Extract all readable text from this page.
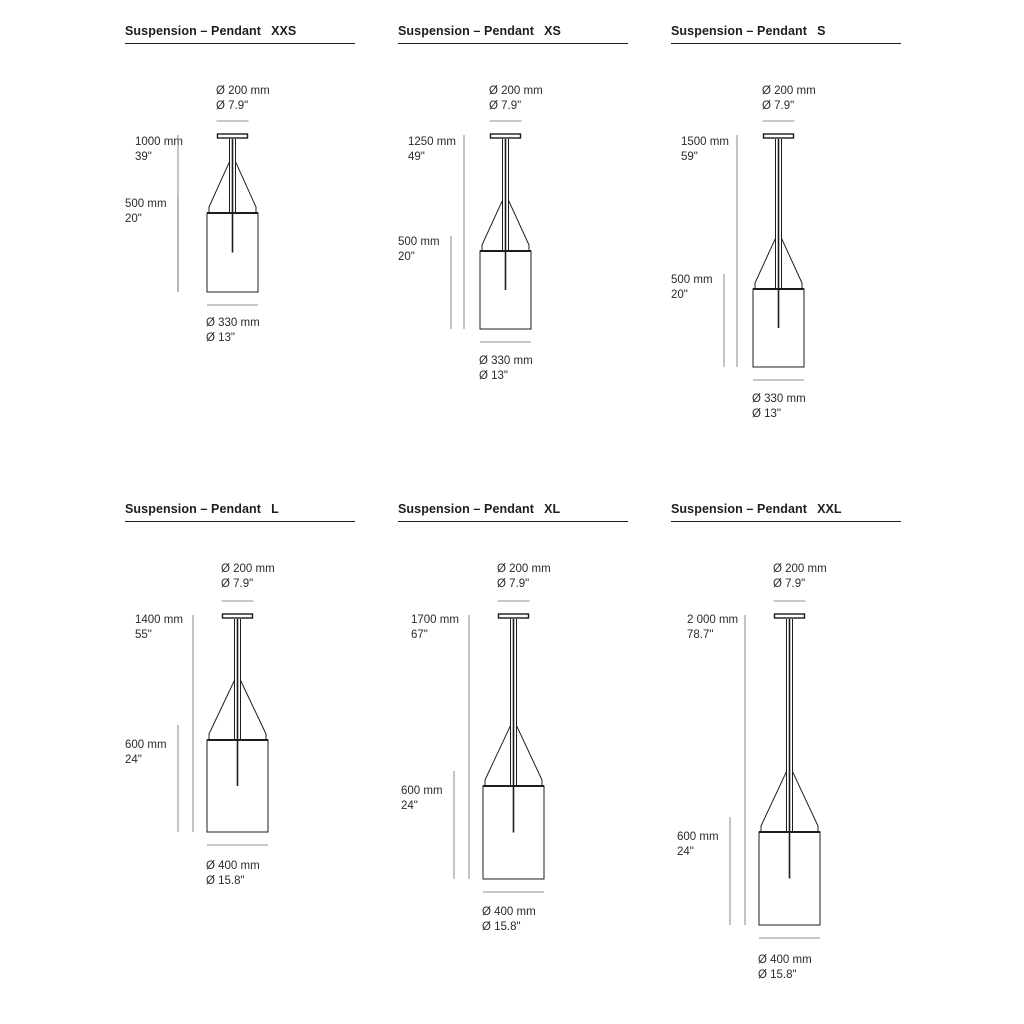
Suspension – Pendant XXS
Ø 200 mm
Ø 7.9"
1000 mm
39"
500 mm
20"
Ø 330 mm
Ø 13"
Suspension – Pendant XS
Ø 200 mm
Ø 7.9"
1250 mm
49"
500 mm
20"
Ø 330 mm
Ø 13"
Suspension – Pendant S
Ø 200 mm
Ø 7.9"
1500 mm
59"
500 mm
20"
Ø 330 mm
Ø 13"
Suspension – Pendant L
Ø 200 mm
Ø 7.9"
1400 mm
55"
600 mm
24"
Ø 400 mm
Ø 15.8"
Suspension – Pendant XL
Ø 200 mm
Ø 7.9"
1700 mm
67"
600 mm
24"
Ø 400 mm
Ø 15.8"
Suspension – Pendant XXL
Ø 200 mm
Ø 7.9"
2 000 mm
78.7"
600 mm
24"
Ø 400 mm
Ø 15.8"
